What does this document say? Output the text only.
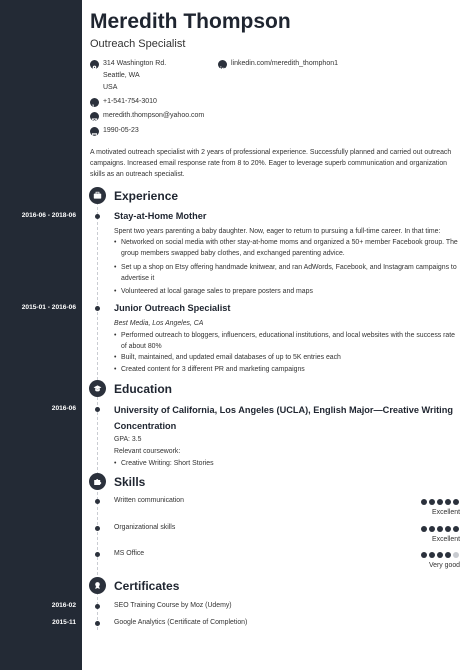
Meredith Thompson
Outreach Specialist
314 Washington Rd.
Seattle, WA
USA
+1-541-754-3010
meredith.thompson@yahoo.com
1990-05-23
linkedin.com/meredith_thomphon1
A motivated outreach specialist with 2 years of professional experience. Successfully planned and carried out outreach campaigns. Increased email response rate from 8 to 20%. Eager to leverage superb communication and organization skills as an outreach specialist.
Experience
2016-06 - 2018-06	Stay-at-Home Mother
Spent two years parenting a baby daughter. Now, eager to return to pursuing a full-time career. In that time:
• Networked on social media with other stay-at-home moms and organized a 50+ member Facebook group. The group members swapped baby clothes, and exchanged parenting advice.
• Set up a shop on Etsy offering handmade knitwear, and ran AdWords, Facebook, and Instagram campaigns to advertise it
• Volunteered at local garage sales to prepare posters and maps
2015-01 - 2016-06	Junior Outreach Specialist
Best Media, Los Angeles, CA
• Performed outreach to bloggers, influencers, educational institutions, and local websites with the success rate of about 80%
• Built, maintained, and updated email databases of up to 5K entries each
• Created content for 3 different PR and marketing campaigns
Education
2016-06	University of California, Los Angeles (UCLA), English Major—Creative Writing Concentration
GPA: 3.5
Relevant coursework:
• Creative Writing: Short Stories
Skills
Written communication
Excellent
Organizational skills
Excellent
MS Office
Very good
Certificates
2016-02	SEO Training Course by Moz (Udemy)
2015-11	Google Analytics (Certificate of Completion)
